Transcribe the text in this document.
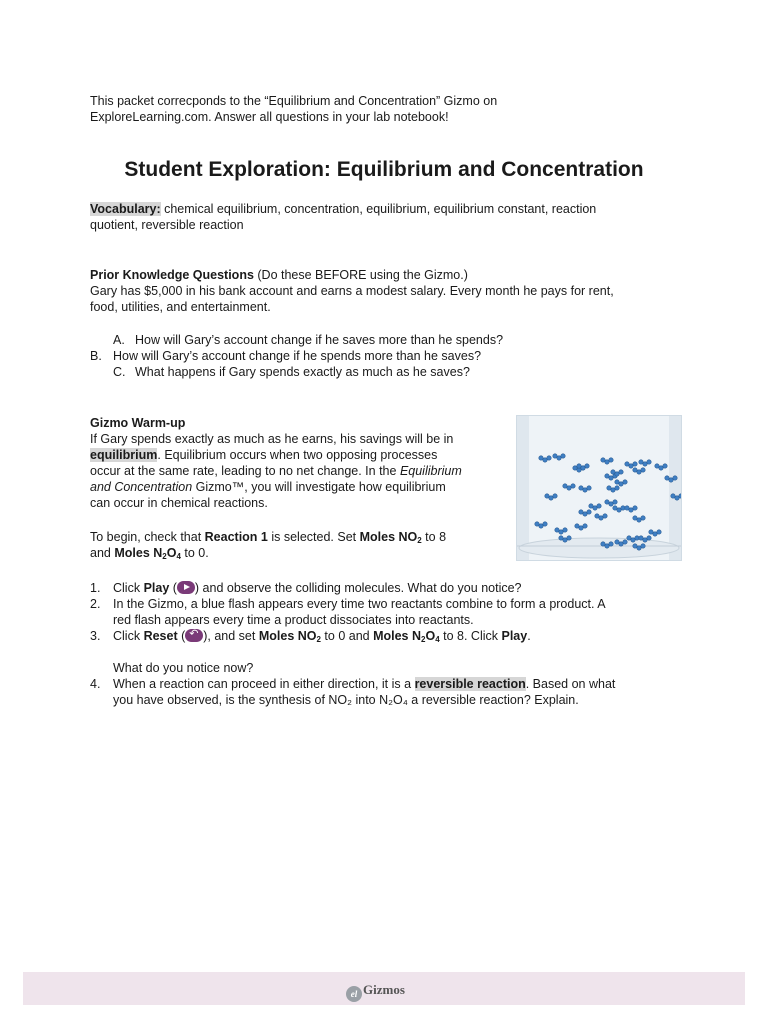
This packet correcponds to the “Equilibrium and Concentration” Gizmo on
ExploreLearning.com. Answer all questions in your lab notebook!
Student Exploration: Equilibrium and Concentration
Vocabulary: chemical equilibrium, concentration, equilibrium, equilibrium constant, reaction
quotient, reversible reaction
Prior Knowledge Questions (Do these BEFORE using the Gizmo.)
Gary has $5,000 in his bank account and earns a modest salary. Every month he pays for rent,
food, utilities, and entertainment.
A. How will Gary’s account change if he saves more than he spends?
B. How will Gary’s account change if he spends more than he saves?
C. What happens if Gary spends exactly as much as he saves?
Gizmo Warm-up
If Gary spends exactly as much as he earns, his savings will be in
equilibrium. Equilibrium occurs when two opposing processes
occur at the same rate, leading to no net change. In the Equilibrium
and Concentration Gizmo™, you will investigate how equilibrium
can occur in chemical reactions.
To begin, check that Reaction 1 is selected. Set Moles $NO_2$ to 8
and Moles $N_2O_4$ to 0.
1. Click Play ( ) and observe the colliding molecules. What do you notice?
2. In the Gizmo, a blue flash appears every time two reactants combine to form a product. A
red flash appears every time a product dissociates into reactants.
3. Click Reset (↶ ), and set Moles $NO_2$ to 0 and Moles $N_2O_4$ to 8. Click Play.
What do you notice now?
4. When a reaction can proceed in either direction, it is a reversible reaction. Based on what
you have observed, is the synthesis of NO₂ into N₂O₄ a reversible reaction? Explain.
el Gizmos
